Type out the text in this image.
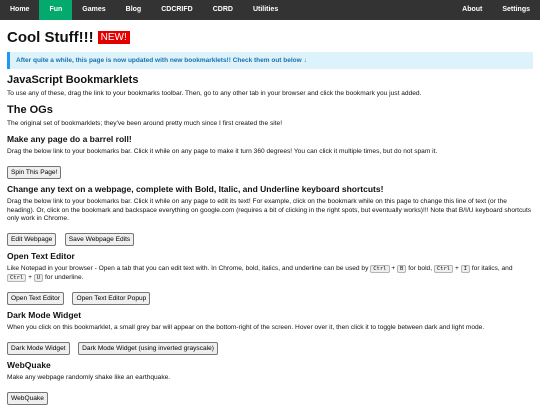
Home	Fun	Games	Blog	CDCRIFD	CDRD	Utilities	About	Settings
Cool Stuff!!! NEW!
After quite a while, this page is now updated with new bookmarklets!! Check them out below ↓
JavaScript Bookmarklets

To use any of these, drag the link to your bookmarks toolbar. Then, go to any other tab in your browser and click the bookmark you just added.

The OGs

The original set of bookmarklets; they've been around pretty much since I first created the site!

Make any page do a barrel roll!

Drag the below link to your bookmarks bar. Click it while on any page to make it turn 360 degrees! You can click it multiple times, but do not spam it.

Spin This Page!
Change any text on a webpage, complete with Bold, Italic, and Underline keyboard shortcuts!

Drag the below link to your bookmarks bar. Click it while on any page to edit its text! For example, click on the bookmark while on this page to change this line of text (or the heading). Or, click on the bookmark and backspace everything on google.com (requires a bit of clicking in the right spots, but eventually works)!!! Note that B/I/U keyboard shortcuts only work in Chrome.

Edit Webpage Save Webpage Edits
Open Text Editor

Like Notepad in your browser - Open a tab that you can edit text with. In Chrome, bold, italics, and underline can be used by Ctrl + B for bold, Ctrl + I for italics, and Ctrl + U for underline.

Open Text Editor Open Text Editor Popup
Dark Mode Widget

When you click on this bookmarklet, a small grey bar will appear on the bottom-right of the screen. Hover over it, then click it to toggle between dark and light mode.

Dark Mode Widget Dark Mode Widget (using inverted grayscale)
WebQuake

Make any webpage randomly shake like an earthquake.

WebQuake
